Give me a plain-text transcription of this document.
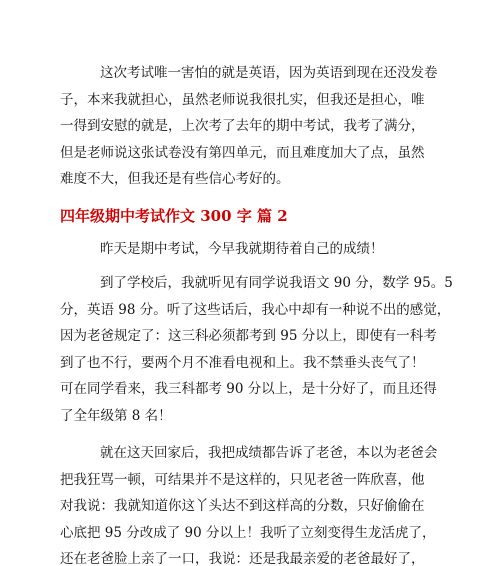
这次考试唯一害怕的就是英语，因为英语到现在还没发卷
子，本来我就担心，虽然老师说我很扎实，但我还是担心，唯
一得到安慰的就是，上次考了去年的期中考试，我考了满分，
但是老师说这张试卷没有第四单元，而且难度加大了点，虽然
难度不大，但我还是有些信心考好的。
四年级期中考试作文 300 字 篇 2
昨天是期中考试，今早我就期待着自己的成绩！
到了学校后，我就听见有同学说我语文 90 分，数学 95。5
分，英语 98 分。听了这些话后，我心中却有一种说不出的感觉，
因为老爸规定了：这三科必须都考到 95 分以上，即使有一科考
到了也不行，要两个月不准看电视和上。我不禁垂头丧气了！
可在同学看来，我三科都考 90 分以上，是十分好了，而且还得
了全年级第 8 名！
就在这天回家后，我把成绩都告诉了老爸，本以为老爸会
把我狂骂一顿，可结果并不是这样的，只见老爸一阵欣喜，他
对我说：我就知道你这丫头达不到这样高的分数，只好偷偷在
心底把 95 分改成了 90 分以上！我听了立刻变得生龙活虎了，
还在老爸脸上亲了一口，我说：还是我最亲爱的老爸最好了，
